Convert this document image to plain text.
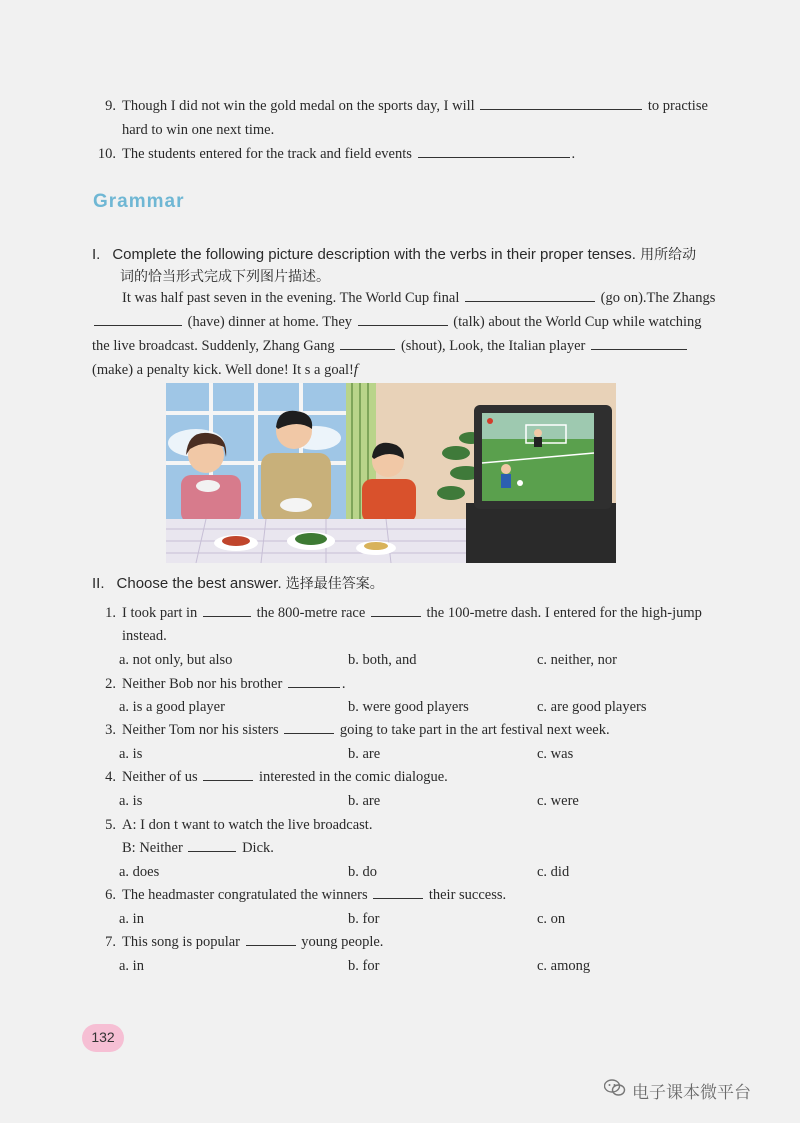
9. Though I did not win the gold medal on the sports day, I will	to practise
hard to win one next time.
10. The students entered for the track and field events	.
Grammar
I. Complete the following picture description with the verbs in their proper tenses. 用所给动
词的恰当形式完成下列图片描述。
It was half past seven in the evening. The World Cup final	(go on).The Zhangs
(have) dinner at home. They	(talk) about the World Cup while watching
the live broadcast. Suddenly, Zhang Gang	(shout), Look, the Italian player
(make) a penalty kick. Well done! It s a goal!f
II. Choose the best answer. 选择最佳答案。
1. I took part in	the 800-metre race	the 100-metre dash. I entered for the high-jump
instead.
a. not only, but also	b. both, and	c. neither, nor
2. Neither Bob nor his brother	.
a. is a good player	b. were good players	c. are good players
3. Neither Tom nor his sisters	going to take part in the art festival next week.
a. is	b. are	c. was
4. Neither of us	interested in the comic dialogue.
a. is	b. are	c. were
5. A: I don t want to watch the live broadcast.
B: Neither	Dick.
a. does	b. do	c. did
6. The headmaster congratulated the winners	their success.
a. in	b. for	c. on
7. This song is popular	young people.
a. in	b. for	c. among
132
电子课本微平台
